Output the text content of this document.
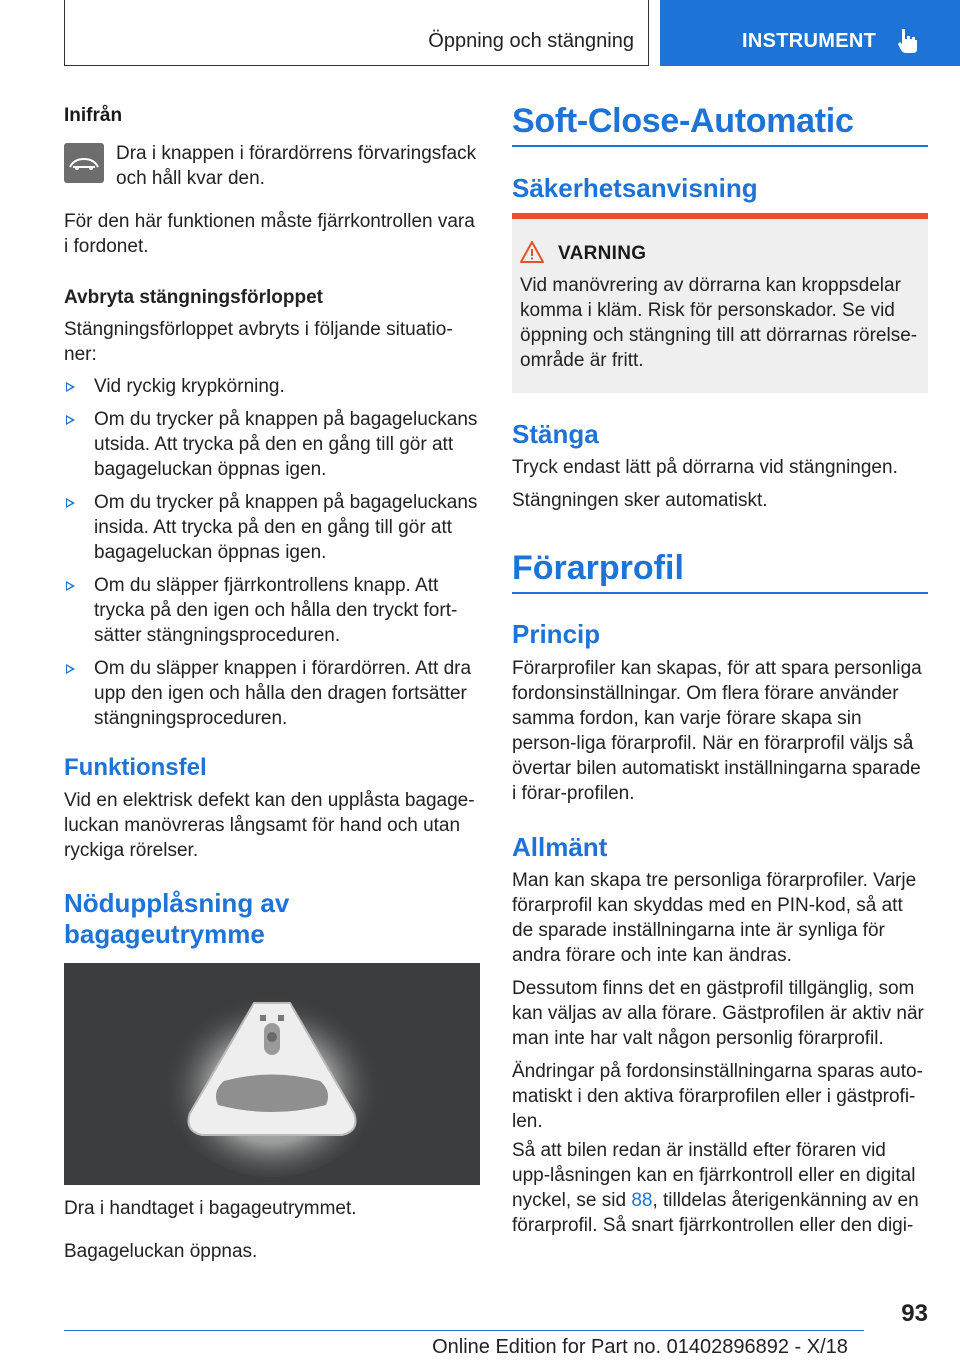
Öppning och stängning	INSTRUMENT
Inifrån
Dra i knappen i förardörrens förvaringsfack och håll kvar den.
För den här funktionen måste fjärrkontrollen vara i fordonet.
Avbryta stängningsförloppet
Stängningsförloppet avbryts i följande situatio-ner:
Vid ryckig krypkörning.
Om du trycker på knappen på bagageluckans utsida. Att trycka på den en gång till gör att bagageluckan öppnas igen.
Om du trycker på knappen på bagageluckans insida. Att trycka på den en gång till gör att bagageluckan öppnas igen.
Om du släpper fjärrkontrollens knapp. Att trycka på den igen och hålla den tryckt fort-sätter stängningsproceduren.
Om du släpper knappen i förardörren. Att dra upp den igen och hålla den dragen fortsätter stängningsproceduren.
Funktionsfel
Vid en elektrisk defekt kan den upplåsta bagage-luckan manövreras långsamt för hand och utan ryckiga rörelser.
Nödupplåsning av
bagageutrymme
Dra i handtaget i bagageutrymmet.
Bagageluckan öppnas.
Soft-Close-Automatic
Säkerhetsanvisning
VARNING
Vid manövrering av dörrarna kan kroppsdelar komma i kläm. Risk för personskador. Se vid öppning och stängning till att dörrarnas rörelse-område är fritt.
Stänga
Tryck endast lätt på dörrarna vid stängningen.
Stängningen sker automatiskt.
Förarprofil
Princip
Förarprofiler kan skapas, för att spara personliga fordonsinställningar. Om flera förare använder samma fordon, kan varje förare skapa sin person-liga förarprofil. När en förarprofil väljs så övertar bilen automatiskt inställningarna sparade i förar-profilen.
Allmänt
Man kan skapa tre personliga förarprofiler. Varje förarprofil kan skyddas med en PIN-kod, så att de sparade inställningarna inte är synliga för andra förare och inte kan ändras.
Dessutom finns det en gästprofil tillgänglig, som kan väljas av alla förare. Gästprofilen är aktiv när man inte har valt någon personlig förarprofil.
Ändringar på fordonsinställningarna sparas auto-matiskt i den aktiva förarprofilen eller i gästprofi-len.
Så att bilen redan är inställd efter föraren vid upp-låsningen kan en fjärrkontroll eller en digital nyckel, se sid 88, tilldelas återigenkänning av en förarprofil. Så snart fjärrkontrollen eller den digi-
93
Online Edition for Part no. 01402896892 - X/18
